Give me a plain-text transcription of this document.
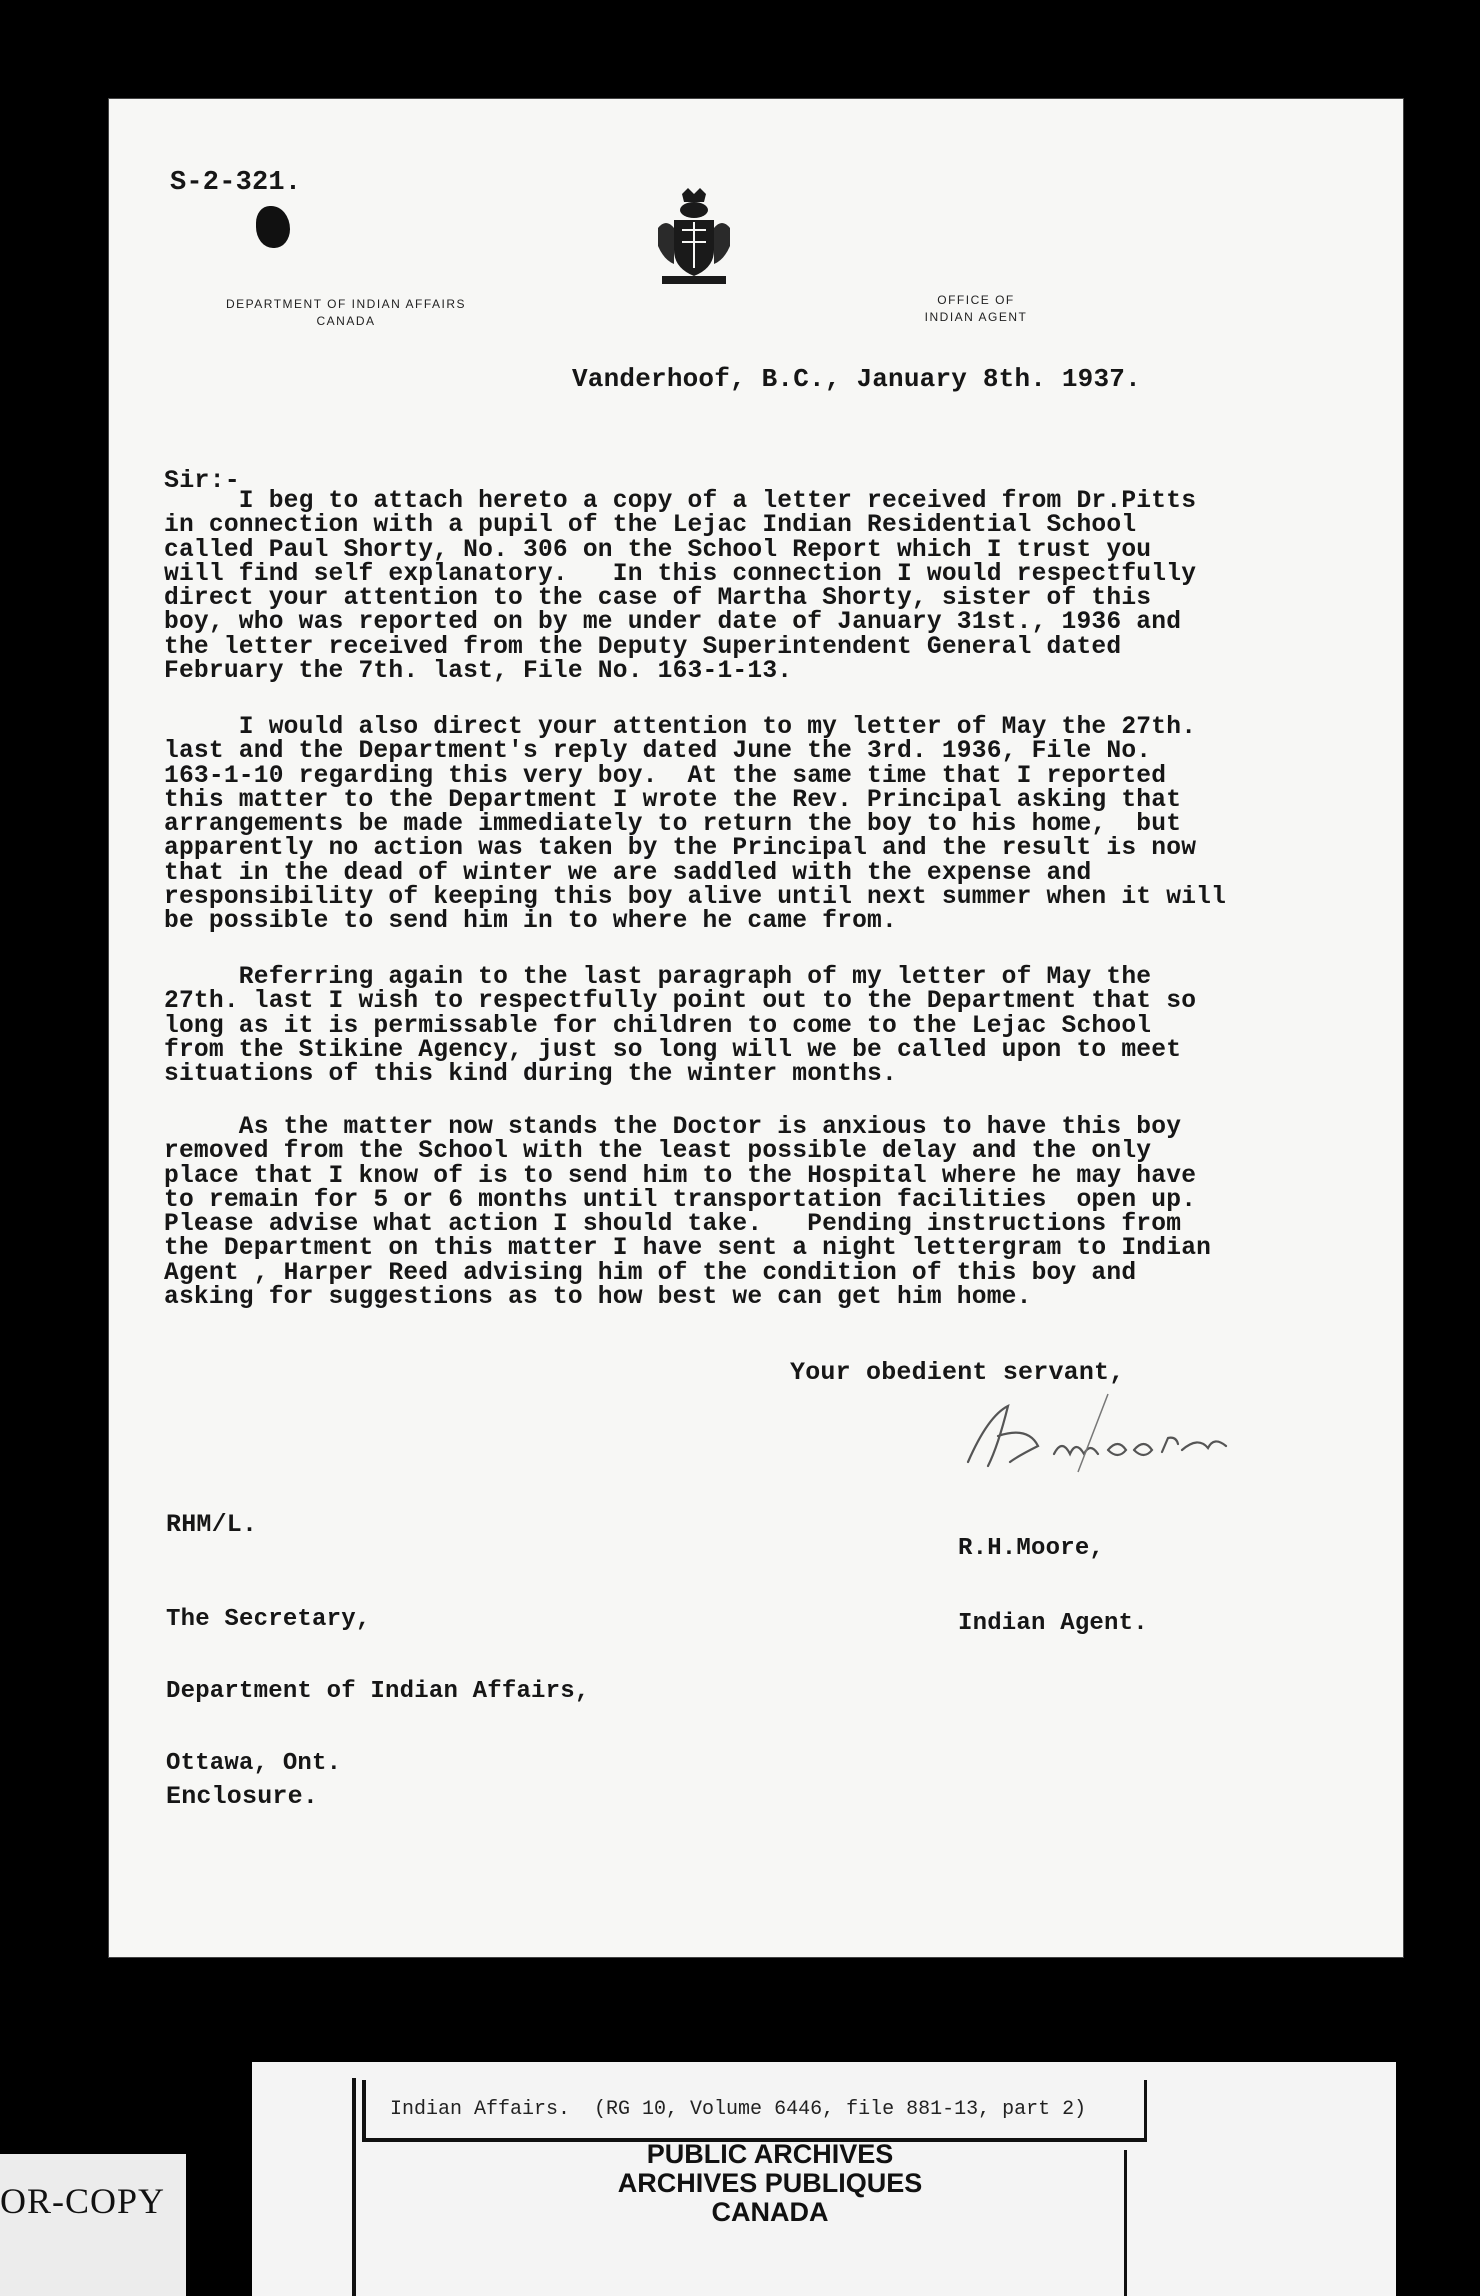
S-2-321.
DEPARTMENT OF INDIAN AFFAIRS
CANADA
OFFICE OF
INDIAN AGENT
Vanderhoof, B.C., January 8th. 1937.
Sir:-
I beg to attach hereto a copy of a letter received from Dr.Pitts
in connection with a pupil of the Lejac Indian Residential School
called Paul Shorty, No. 306 on the School Report which I trust you
will find self explanatory.   In this connection I would respectfully
direct your attention to the case of Martha Shorty, sister of this
boy, who was reported on by me under date of January 31st., 1936 and
the letter received from the Deputy Superintendent General dated
February the 7th. last, File No. 163-1-13.
I would also direct your attention to my letter of May the 27th.
last and the Department's reply dated June the 3rd. 1936, File No.
163-1-10 regarding this very boy.  At the same time that I reported
this matter to the Department I wrote the Rev. Principal asking that
arrangements be made immediately to return the boy to his home,  but
apparently no action was taken by the Principal and the result is now
that in the dead of winter we are saddled with the expense and
responsibility of keeping this boy alive until next summer when it will
be possible to send him in to where he came from.
Referring again to the last paragraph of my letter of May the
27th. last I wish to respectfully point out to the Department that so
long as it is permissable for children to come to the Lejac School
from the Stikine Agency, just so long will we be called upon to meet
situations of this kind during the winter months.
As the matter now stands the Doctor is anxious to have this boy
removed from the School with the least possible delay and the only
place that I know of is to send him to the Hospital where he may have
to remain for 5 or 6 months until transportation facilities  open up.
Please advise what action I should take.   Pending instructions from
the Department on this matter I have sent a night lettergram to Indian
Agent , Harper Reed advising him of the condition of this boy and
asking for suggestions as to how best we can get him home.
Your obedient servant,

R.H.Moore,

Indian Agent.

RHM/L.

The Secretary,

Department of Indian Affairs,

Ottawa, Ont.

Enclosure.
Indian Affairs.  (RG 10, Volume 6446, file 881-13, part 2)
PUBLIC ARCHIVES
ARCHIVES PUBLIQUES
CANADA
OR-COPY
